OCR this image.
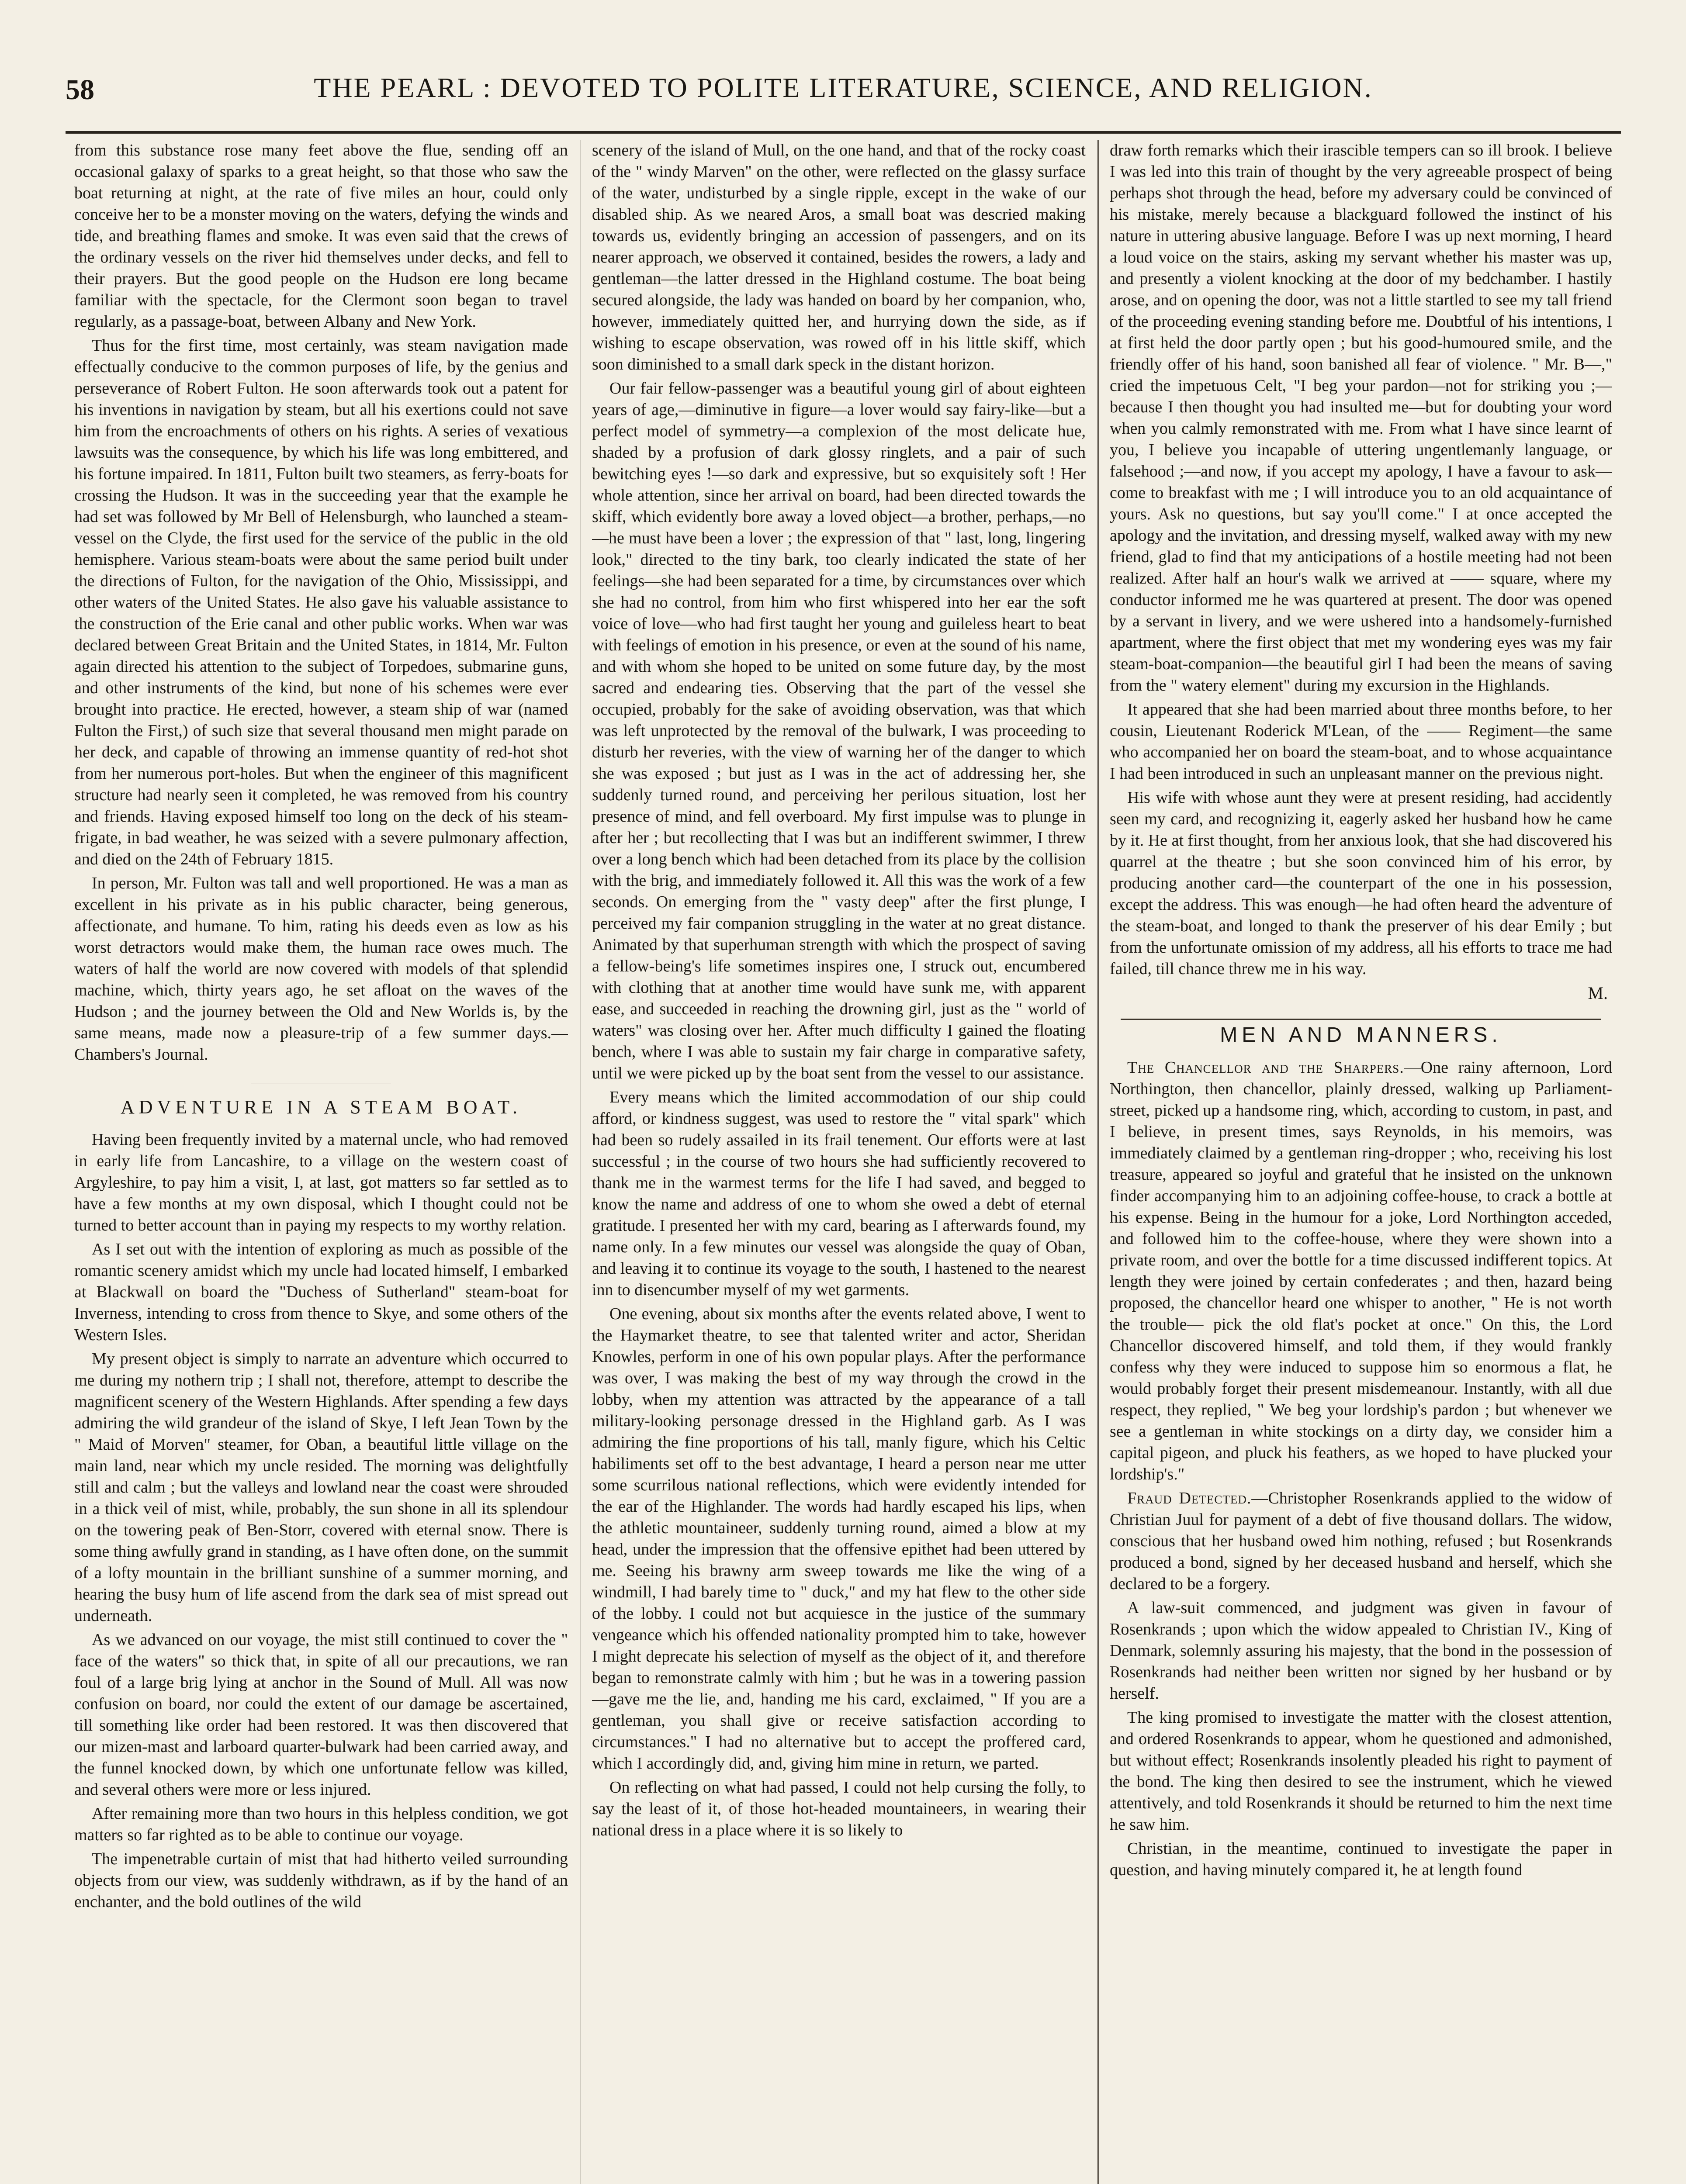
58	THE PEARL : DEVOTED TO POLITE LITERATURE, SCIENCE, AND RELIGION.

from this substance rose many feet above the flue, sending off an occasional galaxy of sparks to a great height, so that those who saw the boat returning at night, at the rate of five miles an hour, could only conceive her to be a monster moving on the waters, defying the winds and tide, and breathing flames and smoke. It was even said that the crews of the ordinary vessels on the river hid themselves under decks, and fell to their prayers. But the good people on the Hudson ere long became familiar with the spectacle, for the Clermont soon began to travel regularly, as a passage-boat, between Albany and New York.

Thus for the first time, most certainly, was steam navigation made effectually conducive to the common purposes of life, by the genius and perseverance of Robert Fulton. He soon afterwards took out a patent for his inventions in navigation by steam, but all his exertions could not save him from the encroachments of others on his rights. A series of vexatious lawsuits was the consequence, by which his life was long embittered, and his fortune impaired. In 1811, Fulton built two steamers, as ferry-boats for crossing the Hudson. It was in the succeeding year that the example he had set was followed by Mr Bell of Helensburgh, who launched a steam-vessel on the Clyde, the first used for the service of the public in the old hemisphere. Various steam-boats were about the same period built under the directions of Fulton, for the navigation of the Ohio, Mississippi, and other waters of the United States. He also gave his valuable assistance to the construction of the Erie canal and other public works. When war was declared between Great Britain and the United States, in 1814, Mr. Fulton again directed his attention to the subject of Torpedoes, submarine guns, and other instruments of the kind, but none of his schemes were ever brought into practice. He erected, however, a steam ship of war (named Fulton the First,) of such size that several thousand men might parade on her deck, and capable of throwing an immense quantity of red-hot shot from her numerous port-holes. But when the engineer of this magnificent structure had nearly seen it completed, he was removed from his country and friends. Having exposed himself too long on the deck of his steam-frigate, in bad weather, he was seized with a severe pulmonary affection, and died on the 24th of February 1815.

In person, Mr. Fulton was tall and well proportioned. He was a man as excellent in his private as in his public character, being generous, affectionate, and humane. To him, rating his deeds even as low as his worst detractors would make them, the human race owes much. The waters of half the world are now covered with models of that splendid machine, which, thirty years ago, he set afloat on the waves of the Hudson ; and the journey between the Old and New Worlds is, by the same means, made now a pleasure-trip of a few summer days.—Chambers's Journal.

ADVENTURE IN A STEAM BOAT.

Having been frequently invited by a maternal uncle, who had removed in early life from Lancashire, to a village on the western coast of Argyleshire, to pay him a visit, I, at last, got matters so far settled as to have a few months at my own disposal, which I thought could not be turned to better account than in paying my respects to my worthy relation.

As I set out with the intention of exploring as much as possible of the romantic scenery amidst which my uncle had located himself, I embarked at Blackwall on board the "Duchess of Sutherland" steam-boat for Inverness, intending to cross from thence to Skye, and some others of the Western Isles.

My present object is simply to narrate an adventure which occurred to me during my nothern trip ; I shall not, therefore, attempt to describe the magnificent scenery of the Western Highlands. After spending a few days admiring the wild grandeur of the island of Skye, I left Jean Town by the " Maid of Morven" steamer, for Oban, a beautiful little village on the main land, near which my uncle resided. The morning was delightfully still and calm ; but the valleys and lowland near the coast were shrouded in a thick veil of mist, while, probably, the sun shone in all its splendour on the towering peak of Ben-Storr, covered with eternal snow. There is some thing awfully grand in standing, as I have often done, on the summit of a lofty mountain in the brilliant sunshine of a summer morning, and hearing the busy hum of life ascend from the dark sea of mist spread out underneath.

As we advanced on our voyage, the mist still continued to cover the " face of the waters" so thick that, in spite of all our precautions, we ran foul of a large brig lying at anchor in the Sound of Mull. All was now confusion on board, nor could the extent of our damage be ascertained, till something like order had been restored. It was then discovered that our mizen-mast and larboard quarter-bulwark had been carried away, and the funnel knocked down, by which one unfortunate fellow was killed, and several others were more or less injured.

After remaining more than two hours in this helpless condition, we got matters so far righted as to be able to continue our voyage.

The impenetrable curtain of mist that had hitherto veiled surrounding objects from our view, was suddenly withdrawn, as if by the hand of an enchanter, and the bold outlines of the wild

scenery of the island of Mull, on the one hand, and that of the rocky coast of the " windy Marven" on the other, were reflected on the glassy surface of the water, undisturbed by a single ripple, except in the wake of our disabled ship. As we neared Aros, a small boat was descried making towards us, evidently bringing an accession of passengers, and on its nearer approach, we observed it contained, besides the rowers, a lady and gentleman—the latter dressed in the Highland costume. The boat being secured alongside, the lady was handed on board by her companion, who, however, immediately quitted her, and hurrying down the side, as if wishing to escape observation, was rowed off in his little skiff, which soon diminished to a small dark speck in the distant horizon.

Our fair fellow-passenger was a beautiful young girl of about eighteen years of age,—diminutive in figure—a lover would say fairy-like—but a perfect model of symmetry—a complexion of the most delicate hue, shaded by a profusion of dark glossy ringlets, and a pair of such bewitching eyes !—so dark and expressive, but so exquisitely soft ! Her whole attention, since her arrival on board, had been directed towards the skiff, which evidently bore away a loved object—a brother, perhaps,—no—he must have been a lover ; the expression of that " last, long, lingering look," directed to the tiny bark, too clearly indicated the state of her feelings—she had been separated for a time, by circumstances over which she had no control, from him who first whispered into her ear the soft voice of love—who had first taught her young and guileless heart to beat with feelings of emotion in his presence, or even at the sound of his name, and with whom she hoped to be united on some future day, by the most sacred and endearing ties. Observing that the part of the vessel she occupied, probably for the sake of avoiding observation, was that which was left unprotected by the removal of the bulwark, I was proceeding to disturb her reveries, with the view of warning her of the danger to which she was exposed ; but just as I was in the act of addressing her, she suddenly turned round, and perceiving her perilous situation, lost her presence of mind, and fell overboard. My first impulse was to plunge in after her ; but recollecting that I was but an indifferent swimmer, I threw over a long bench which had been detached from its place by the collision with the brig, and immediately followed it. All this was the work of a few seconds. On emerging from the " vasty deep" after the first plunge, I perceived my fair companion struggling in the water at no great distance. Animated by that superhuman strength with which the prospect of saving a fellow-being's life sometimes inspires one, I struck out, encumbered with clothing that at another time would have sunk me, with apparent ease, and succeeded in reaching the drowning girl, just as the " world of waters" was closing over her. After much difficulty I gained the floating bench, where I was able to sustain my fair charge in comparative safety, until we were picked up by the boat sent from the vessel to our assistance.

Every means which the limited accommodation of our ship could afford, or kindness suggest, was used to restore the " vital spark" which had been so rudely assailed in its frail tenement. Our efforts were at last successful ; in the course of two hours she had sufficiently recovered to thank me in the warmest terms for the life I had saved, and begged to know the name and address of one to whom she owed a debt of eternal gratitude. I presented her with my card, bearing as I afterwards found, my name only. In a few minutes our vessel was alongside the quay of Oban, and leaving it to continue its voyage to the south, I hastened to the nearest inn to disencumber myself of my wet garments.

One evening, about six months after the events related above, I went to the Haymarket theatre, to see that talented writer and actor, Sheridan Knowles, perform in one of his own popular plays. After the performance was over, I was making the best of my way through the crowd in the lobby, when my attention was attracted by the appearance of a tall military-looking personage dressed in the Highland garb. As I was admiring the fine proportions of his tall, manly figure, which his Celtic habiliments set off to the best advantage, I heard a person near me utter some scurrilous national reflections, which were evidently intended for the ear of the Highlander. The words had hardly escaped his lips, when the athletic mountaineer, suddenly turning round, aimed a blow at my head, under the impression that the offensive epithet had been uttered by me. Seeing his brawny arm sweep towards me like the wing of a windmill, I had barely time to " duck," and my hat flew to the other side of the lobby. I could not but acquiesce in the justice of the summary vengeance which his offended nationality prompted him to take, however I might deprecate his selection of myself as the object of it, and therefore began to remonstrate calmly with him ; but he was in a towering passion—gave me the lie, and, handing me his card, exclaimed, " If you are a gentleman, you shall give or receive satisfaction according to circumstances." I had no alternative but to accept the proffered card, which I accordingly did, and, giving him mine in return, we parted.

On reflecting on what had passed, I could not help cursing the folly, to say the least of it, of those hot-headed mountaineers, in wearing their national dress in a place where it is so likely to

draw forth remarks which their irascible tempers can so ill brook. I believe I was led into this train of thought by the very agreeable prospect of being perhaps shot through the head, before my adversary could be convinced of his mistake, merely because a blackguard followed the instinct of his nature in uttering abusive language. Before I was up next morning, I heard a loud voice on the stairs, asking my servant whether his master was up, and presently a violent knocking at the door of my bedchamber. I hastily arose, and on opening the door, was not a little startled to see my tall friend of the proceeding evening standing before me. Doubtful of his intentions, I at first held the door partly open ; but his good-humoured smile, and the friendly offer of his hand, soon banished all fear of violence. " Mr. B—," cried the impetuous Celt, "I beg your pardon—not for striking you ;—because I then thought you had insulted me—but for doubting your word when you calmly remonstrated with me. From what I have since learnt of you, I believe you incapable of uttering ungentlemanly language, or falsehood ;—and now, if you accept my apology, I have a favour to ask—come to breakfast with me ; I will introduce you to an old acquaintance of yours. Ask no questions, but say you'll come." I at once accepted the apology and the invitation, and dressing myself, walked away with my new friend, glad to find that my anticipations of a hostile meeting had not been realized. After half an hour's walk we arrived at —— square, where my conductor informed me he was quartered at present. The door was opened by a servant in livery, and we were ushered into a handsomely-furnished apartment, where the first object that met my wondering eyes was my fair steam-boat-companion—the beautiful girl I had been the means of saving from the " watery element" during my excursion in the Highlands.

It appeared that she had been married about three months before, to her cousin, Lieutenant Roderick M'Lean, of the —— Regiment—the same who accompanied her on board the steam-boat, and to whose acquaintance I had been introduced in such an unpleasant manner on the previous night.

His wife with whose aunt they were at present residing, had accidently seen my card, and recognizing it, eagerly asked her husband how he came by it. He at first thought, from her anxious look, that she had discovered his quarrel at the theatre ; but she soon convinced him of his error, by producing another card—the counterpart of the one in his possession, except the address. This was enough—he had often heard the adventure of the steam-boat, and longed to thank the preserver of his dear Emily ; but from the unfortunate omission of my address, all his efforts to trace me had failed, till chance threw me in his way.

M.
MEN AND MANNERS.

The Chancellor and the Sharpers.—One rainy afternoon, Lord Northington, then chancellor, plainly dressed, walking up Parliament-street, picked up a handsome ring, which, according to custom, in past, and I believe, in present times, says Reynolds, in his memoirs, was immediately claimed by a gentleman ring-dropper ; who, receiving his lost treasure, appeared so joyful and grateful that he insisted on the unknown finder accompanying him to an adjoining coffee-house, to crack a bottle at his expense. Being in the humour for a joke, Lord Northington acceded, and followed him to the coffee-house, where they were shown into a private room, and over the bottle for a time discussed indifferent topics. At length they were joined by certain confederates ; and then, hazard being proposed, the chancellor heard one whisper to another, " He is not worth the trouble— pick the old flat's pocket at once." On this, the Lord Chancellor discovered himself, and told them, if they would frankly confess why they were induced to suppose him so enormous a flat, he would probably forget their present misdemeanour. Instantly, with all due respect, they replied, " We beg your lordship's pardon ; but whenever we see a gentleman in white stockings on a dirty day, we consider him a capital pigeon, and pluck his feathers, as we hoped to have plucked your lordship's."

Fraud Detected.—Christopher Rosenkrands applied to the widow of Christian Juul for payment of a debt of five thousand dollars. The widow, conscious that her husband owed him nothing, refused ; but Rosenkrands produced a bond, signed by her deceased husband and herself, which she declared to be a forgery.

A law-suit commenced, and judgment was given in favour of Rosenkrands ; upon which the widow appealed to Christian IV., King of Denmark, solemnly assuring his majesty, that the bond in the possession of Rosenkrands had neither been written nor signed by her husband or by herself.

The king promised to investigate the matter with the closest attention, and ordered Rosenkrands to appear, whom he questioned and admonished, but without effect; Rosenkrands insolently pleaded his right to payment of the bond. The king then desired to see the instrument, which he viewed attentively, and told Rosenkrands it should be returned to him the next time he saw him.

Christian, in the meantime, continued to investigate the paper in question, and having minutely compared it, he at length found
